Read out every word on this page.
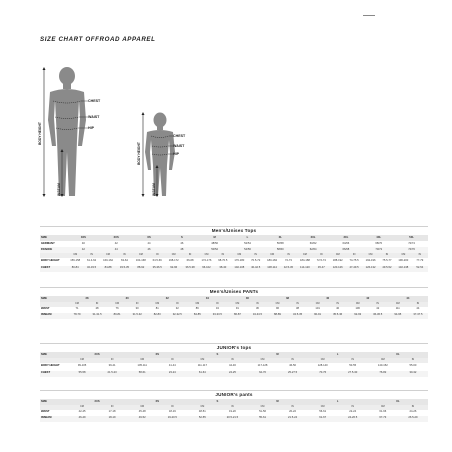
SIZE CHART OFFROAD APPAREL
CHEST
WAIST
HIP
BODY HEIGHT
INSEAM
CHEST
WAIST
HIP
BODY HEIGHT
INSEAM
Men's/Unisex Tops
SIZE	3XS		2XS		XS		S		M		L		XL		2XL		3XL		4XL		5XL	
GERMANY	40		42		44		46		48/50		52/54		56/58		60/62		64/66		68/70		72/74	
FRANCE	42		44		46		48		50/52		54/56		58/60		62/64		66/68		70/72		74/76	
	CM	IN	CM	IN	CM	IN	CM	IN	CM	IN	CM	IN	CM	IN	CM	IN	CM	IN	CM	IN	CM	IN
BODY HEIGHT	156-158	61.4-62	160-162	63-64	164-168	64.5-66	168-172	66-68	172-176	68-70.5	176-180	70.5-72	180-184	72-73	184-188	72.5-74	188-192	74-75.5	192-196	75.5-77	196-200	77-79
CHEST	80-84	32-33.5	84-88	33.5-35	88-92	35-36.5	92-96	36.5-38	96-102	38-40	102-108	40-42.5	108-114	42.5-45	114-120	45-47	120-126	47-49.5	126-132	49.5-52	132-138	52-54
Men's/Unisex PANTs
SIZE	28		30		32		34		36		38		40		42		44	
	CM	IN	CM	IN	CM	IN	CM	IN	CM	IN	CM	IN	CM	IN	CM	IN	CM	IN
WAIST	71	28	76	30	81	32	86	34	91	36	96	38	101	40	106	42	111	44
INSEAM	78-79	31-31.5	80-81	31.5-32	82-83	32-32.5	84-85	33-33.5	86-87	34-34.5	88-89	34.5-35	90-91	35.5-36	92-93	36-36.5	94-95	37-37.5
JUNIOR's tops
SIZE	2XS		XS		S		M		L		XL	
	CM	IN	CM	IN	CM	IN	CM	IN	CM	IN	CM	IN
BODY HEIGHT	99-105	39-41	105-111	41-44	111-117	44-46	117-128	46-50	128-140	50-55	140-152	55-60
CHEST	55-58	21.5-23	58-61	23-24	61-64	24-25	64-70	25-27.5	70-76	27.5-30	76-82	30-32
JUNIOR's pants
SIZE	2XS		XS		S		M		L		XL	
	CM	IN	CM	IN	CM	IN	CM	IN	CM	IN	CM	IN
WAIST	42-45	17-18	45-48	18-19	48-51	19-20	51-56	20-22	56-61	22-24	61-66	24-26
INSEAM	46-49	18-19	49-52	19-20.5	52-55	20.5-21.5	55-61	21.5-24	61-67	24-26.5	67-73	26.5-29
